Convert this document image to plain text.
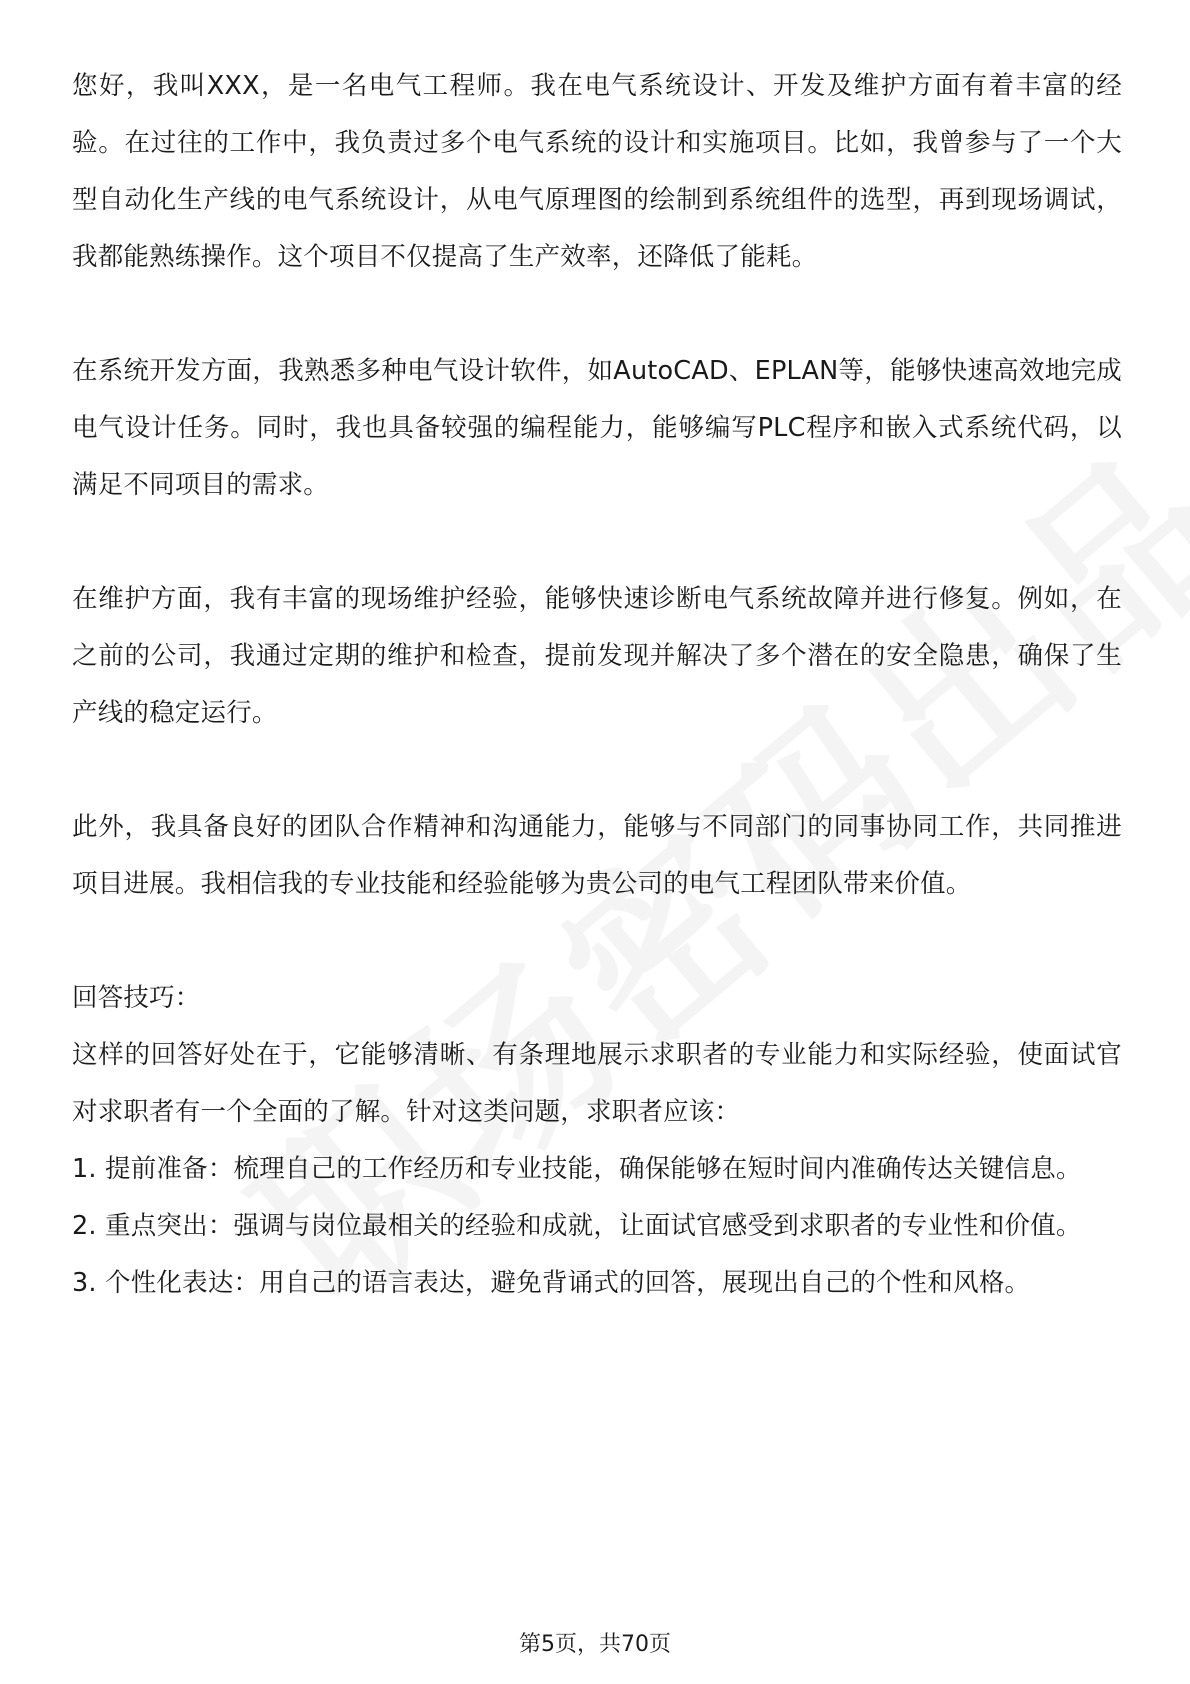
您好，我叫XXX，是一名电气工程师。我在电气系统设计、开发及维护方面有着丰富的经验。在过往的工作中，我负责过多个电气系统的设计和实施项目。比如，我曾参与了一个大型自动化生产线的电气系统设计，从电气原理图的绘制到系统组件的选型，再到现场调试，我都能熟练操作。这个项目不仅提高了生产效率，还降低了能耗。

在系统开发方面，我熟悉多种电气设计软件，如AutoCAD、EPLAN等，能够快速高效地完成电气设计任务。同时，我也具备较强的编程能力，能够编写PLC程序和嵌入式系统代码，以满足不同项目的需求。

在维护方面，我有丰富的现场维护经验，能够快速诊断电气系统故障并进行修复。例如，在之前的公司，我通过定期的维护和检查，提前发现并解决了多个潜在的安全隐患，确保了生产线的稳定运行。

此外，我具备良好的团队合作精神和沟通能力，能够与不同部门的同事协同工作，共同推进项目进展。我相信我的专业技能和经验能够为贵公司的电气工程团队带来价值。

回答技巧：

这样的回答好处在于，它能够清晰、有条理地展示求职者的专业能力和实际经验，使面试官对求职者有一个全面的了解。针对这类问题，求职者应该：

1. 提前准备：梳理自己的工作经历和专业技能，确保能够在短时间内准确传达关键信息。

2. 重点突出：强调与岗位最相关的经验和成就，让面试官感受到求职者的专业性和价值。

3. 个性化表达：用自己的语言表达，避免背诵式的回答，展现出自己的个性和风格。

第5页，共70页
